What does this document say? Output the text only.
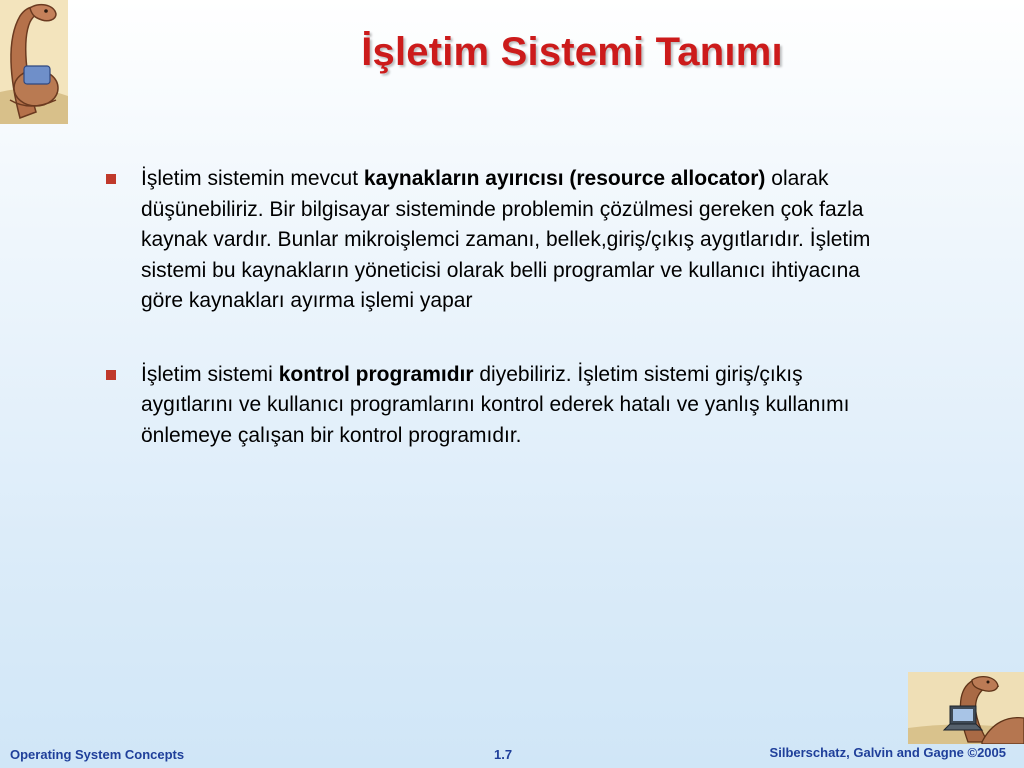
İşletim Sistemi Tanımı
İşletim sistemin mevcut kaynakların ayırıcısı (resource allocator) olarak düşünebiliriz. Bir bilgisayar sisteminde problemin çözülmesi gereken çok fazla kaynak vardır. Bunlar mikroişlemci zamanı, bellek,giriş/çıkış aygıtlarıdır. İşletim sistemi bu kaynakların yöneticisi olarak belli programlar ve kullanıcı ihtiyacına göre kaynakları ayırma işlemi yapar
İşletim sistemi kontrol programıdır diyebiliriz. İşletim sistemi giriş/çıkış aygıtlarını ve kullanıcı programlarını kontrol ederek hatalı ve yanlış kullanımı önlemeye çalışan bir kontrol programıdır.
Operating System Concepts	1.7	Silberschatz, Galvin and Gagne ©2005
